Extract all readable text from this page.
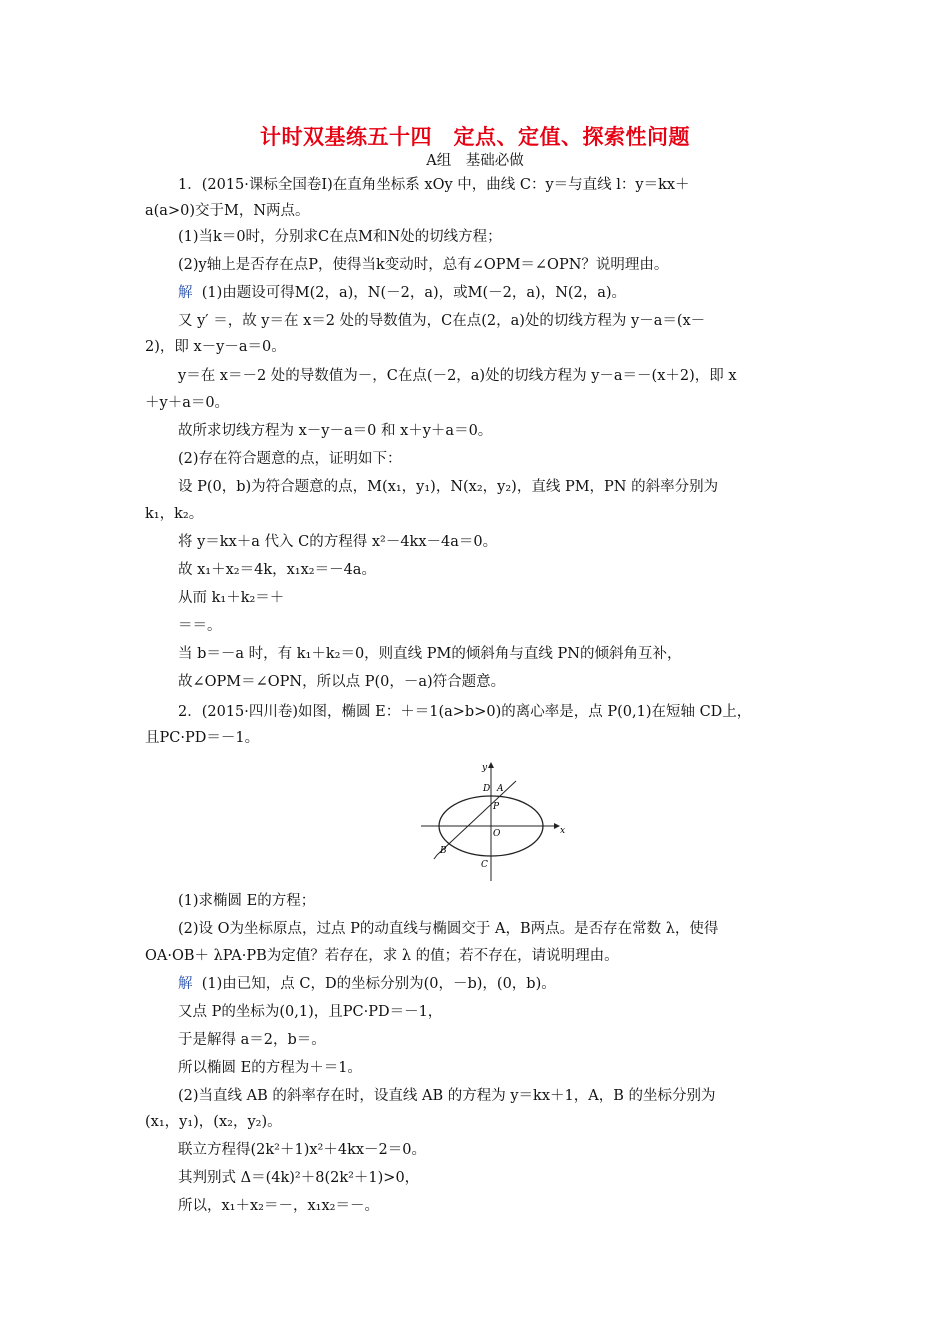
计时双基练五十四　定点、定值、探索性问题
A组　基础必做
1．(2015·课标全国卷Ⅰ)在直角坐标系 xOy 中，曲线 C：y＝与直线 l：y＝kx＋
a(a>0)交于M，N两点。
(1)当k＝0时，分别求C在点M和N处的切线方程；
(2)y轴上是否存在点P，使得当k变动时，总有∠OPM＝∠OPN？说明理由。
解 (1)由题设可得M(2，a)，N(－2，a)，或M(－2，a)，N(2，a)。
又 y′ ＝，故 y＝在 x＝2 处的导数值为，C在点(2，a)处的切线方程为 y－a＝(x－
2)，即 x－y－a＝0。
y＝在 x＝－2 处的导数值为－，C在点(－2，a)处的切线方程为 y－a＝－(x＋2)，即 x
＋y＋a＝0。
故所求切线方程为 x－y－a＝0 和 x＋y＋a＝0。
(2)存在符合题意的点，证明如下：
设 P(0，b)为符合题意的点，M(x₁，y₁)，N(x₂，y₂)，直线 PM，PN 的斜率分别为
k₁，k₂。
将 y＝kx＋a 代入 C的方程得 x²－4kx－4a＝0。
故 x₁＋x₂＝4k，x₁x₂＝－4a。
从而 k₁＋k₂＝＋
＝＝。
当 b＝－a 时，有 k₁＋k₂＝0，则直线 PM的倾斜角与直线 PN的倾斜角互补，
故∠OPM＝∠OPN，所以点 P(0，－a)符合题意。
2．(2015·四川卷)如图，椭圆 E：＋＝1(a>b>0)的离心率是，点 P(0,1)在短轴 CD上，
且PC·PD＝－1。
y
x
O
A
D
P
B
C
(1)求椭圆 E的方程；
(2)设 O为坐标原点，过点 P的动直线与椭圆交于 A，B两点。是否存在常数 λ，使得
OA·OB＋ λPA·PB为定值？若存在，求 λ 的值；若不存在，请说明理由。
解 (1)由已知，点 C，D的坐标分别为(0，－b)，(0，b)。
又点 P的坐标为(0,1)，且PC·PD＝－1，
于是解得 a＝2，b＝。
所以椭圆 E的方程为＋＝1。
(2)当直线 AB 的斜率存在时，设直线 AB 的方程为 y＝kx＋1，A，B 的坐标分别为
(x₁，y₁)，(x₂，y₂)。
联立方程得(2k²＋1)x²＋4kx－2＝0。
其判别式 Δ＝(4k)²＋8(2k²＋1)>0，
所以，x₁＋x₂＝－，x₁x₂＝－。
